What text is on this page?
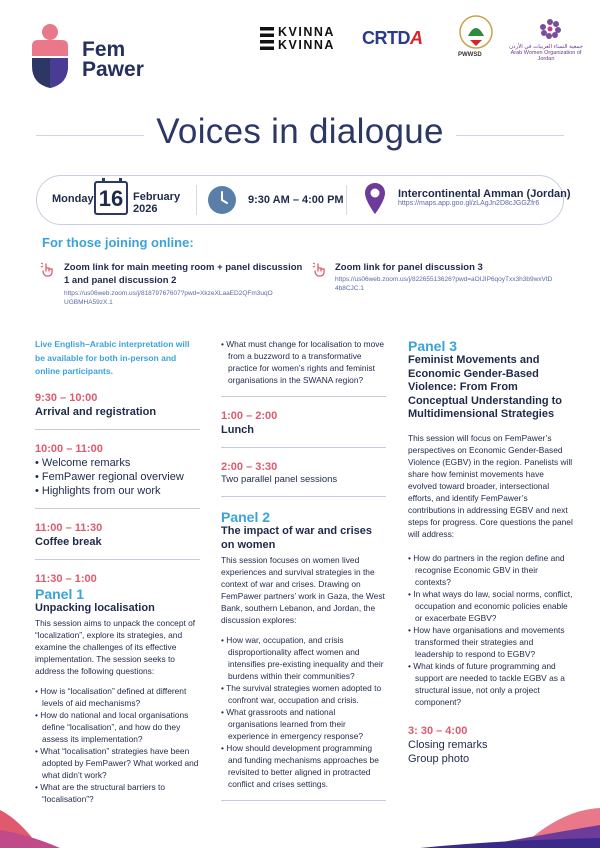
Fem
Pawer
KVINNA
KVINNA CRTDA
PWWSD
جمعية النساء العربيات في الأردن Arab Women Organization of Jordan
Voices in dialogue
Monday 16 February
2026
9:30 AM – 4:00 PM	Intercontinental Amman (Jordan)
https://maps.app.goo.gl/zLAgJn2D8cJGGZfr6
For those joining online:
Zoom link for main meeting room + panel discussion
1 and panel discussion 2
https://us06web.zoom.us/j/81879767607?pwd=XkzeXLaaED2QFm3uqOUGBMHA59zX.1
Zoom link for panel discussion 3
https://us06web.zoom.us/j/82265513626?pwd=aOIJIP6qoyTxx3h3b9wxVtD4b8CJC.1
Live English–Arabic interpretation will be available for both in-person and online participants.
9:30 – 10:00
Arrival and registration
10:00 – 11:00
• Welcome remarks
• FemPawer regional overview
• Highlights from our work
11:00 – 11:30
Coffee break
11:30 – 1:00
Panel 1
Unpacking localisation
This session aims to unpack the concept of “localization”, explore its strategies, and examine the challenges of its effective implementation. The session seeks to address the following questions:
• How is “localisation” defined at different levels of aid mechanisms?
• How do national and local organisations define “localisation”, and how do they assess its implementation?
• What “localisation” strategies have been adopted by FemPawer? What worked and what didn’t work?
• What are the structural barriers to “localisation”?
• What must change for localisation to move from a buzzword to a transformative practice for women’s rights and feminist organisations in the SWANA region?
1:00 – 2:00
Lunch
2:00 – 3:30
Two parallel panel sessions
Panel 2
The impact of war and crises on women
This session focuses on women lived experiences and survival strategies in the context of war and crises. Drawing on FemPawer partners’ work in Gaza, the West Bank, southern Lebanon, and Jordan, the discussion explores:
• How war, occupation, and crisis disproportionality affect women and intensifies pre-existing inequality and their burdens within their communities?
• The survival strategies women adopted to confront war, occupation and crisis.
• What grassroots and national organisations learned from their experience in emergency response?
• How should development programming and funding mechanisms approaches be revisited to better aligned in protracted conflict and crises settings.
Panel 3
Feminist Movements and Economic Gender-Based Violence: From From Conceptual Understanding to Multidimensional Strategies
This session will focus on FemPawer’s perspectives on Economic Gender-Based Violence (EGBV) in the region. Panelists will share how feminist movements have evolved toward broader, intersectional efforts, and identify FemPawer’s contributions in addressing EGBV and next steps for progress. Core questions the panel will address:
• How do partners in the region define and recognise Economic GBV in their contexts?
• In what ways do law, social norms, conflict, occupation and economic policies enable or exacerbate EGBV?
• How have organisations and movements transformed their strategies and leadership to respond to EGBV?
• What kinds of future programming and support are needed to tackle EGBV as a structural issue, not only a project component?
3: 30 – 4:00
Closing remarks
Group photo
